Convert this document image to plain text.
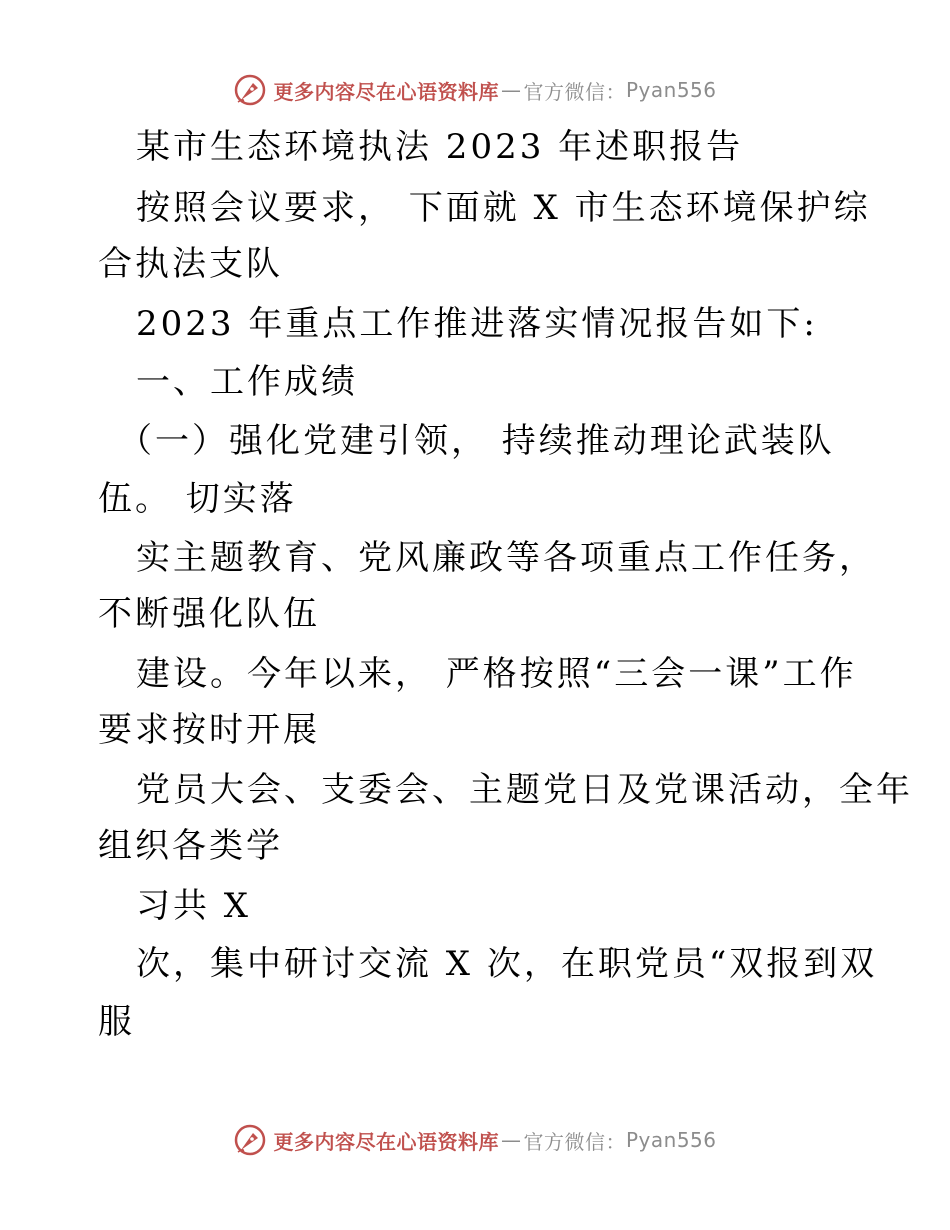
更多内容尽在心语资料库 — 官方微信： Pyan556
某市生态环境执法 2023 年述职报告
按照会议要求， 下面就 X 市生态环境保护综
合执法支队
2023 年重点工作推进落实情况报告如下:
一、工作成绩
（一）强化党建引领， 持续推动理论武装队
伍。 切实落
实主题教育、党风廉政等各项重点工作任务，
不断强化队伍
建设。今年以来， 严格按照“三会一课”工作
要求按时开展
党员大会、支委会、主题党日及党课活动，全年
组织各类学
习共 X
次，集中研讨交流 X 次，在职党员“双报到双
服
更多内容尽在心语资料库 — 官方微信： Pyan556
